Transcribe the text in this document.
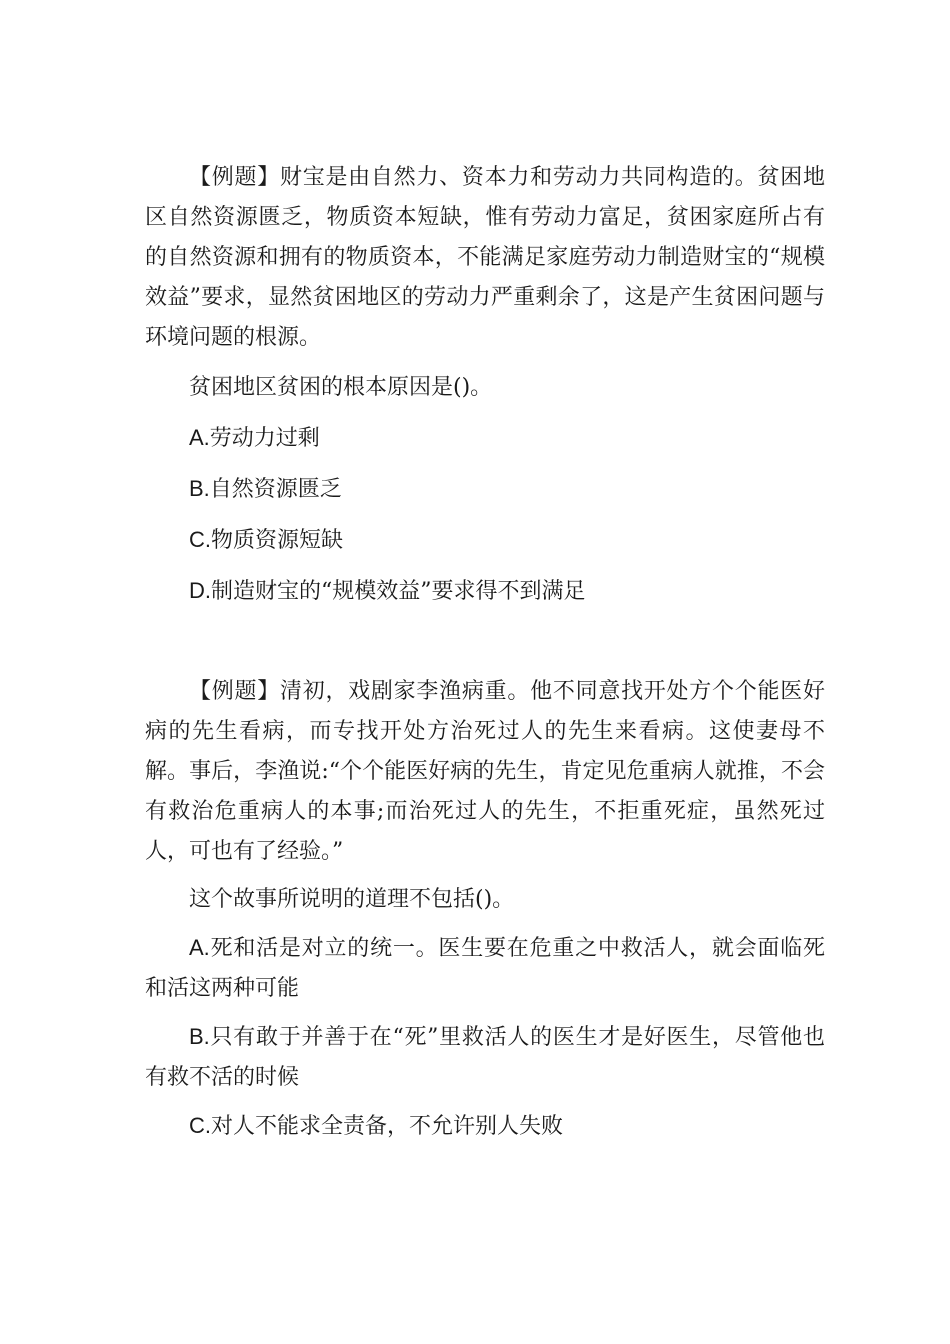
【例题】财宝是由自然力、资本力和劳动力共同构造的。贫困地区自然资源匮乏，物质资本短缺，惟有劳动力富足，贫困家庭所占有的自然资源和拥有的物质资本，不能满足家庭劳动力制造财宝的“规模效益”要求，显然贫困地区的劳动力严重剩余了，这是产生贫困问题与环境问题的根源。

贫困地区贫困的根本原因是()。

A.劳动力过剩

B.自然资源匮乏

C.物质资源短缺

D.制造财宝的“规模效益”要求得不到满足

【例题】清初，戏剧家李渔病重。他不同意找开处方个个能医好病的先生看病，而专找开处方治死过人的先生来看病。这使妻母不解。事后，李渔说:“个个能医好病的先生，肯定见危重病人就推，不会有救治危重病人的本事;而治死过人的先生，不拒重死症，虽然死过人，可也有了经验。”

这个故事所说明的道理不包括()。

A.死和活是对立的统一。医生要在危重之中救活人，就会面临死和活这两种可能

B.只有敢于并善于在“死”里救活人的医生才是好医生，尽管他也有救不活的时候

C.对人不能求全责备，不允许别人失败
